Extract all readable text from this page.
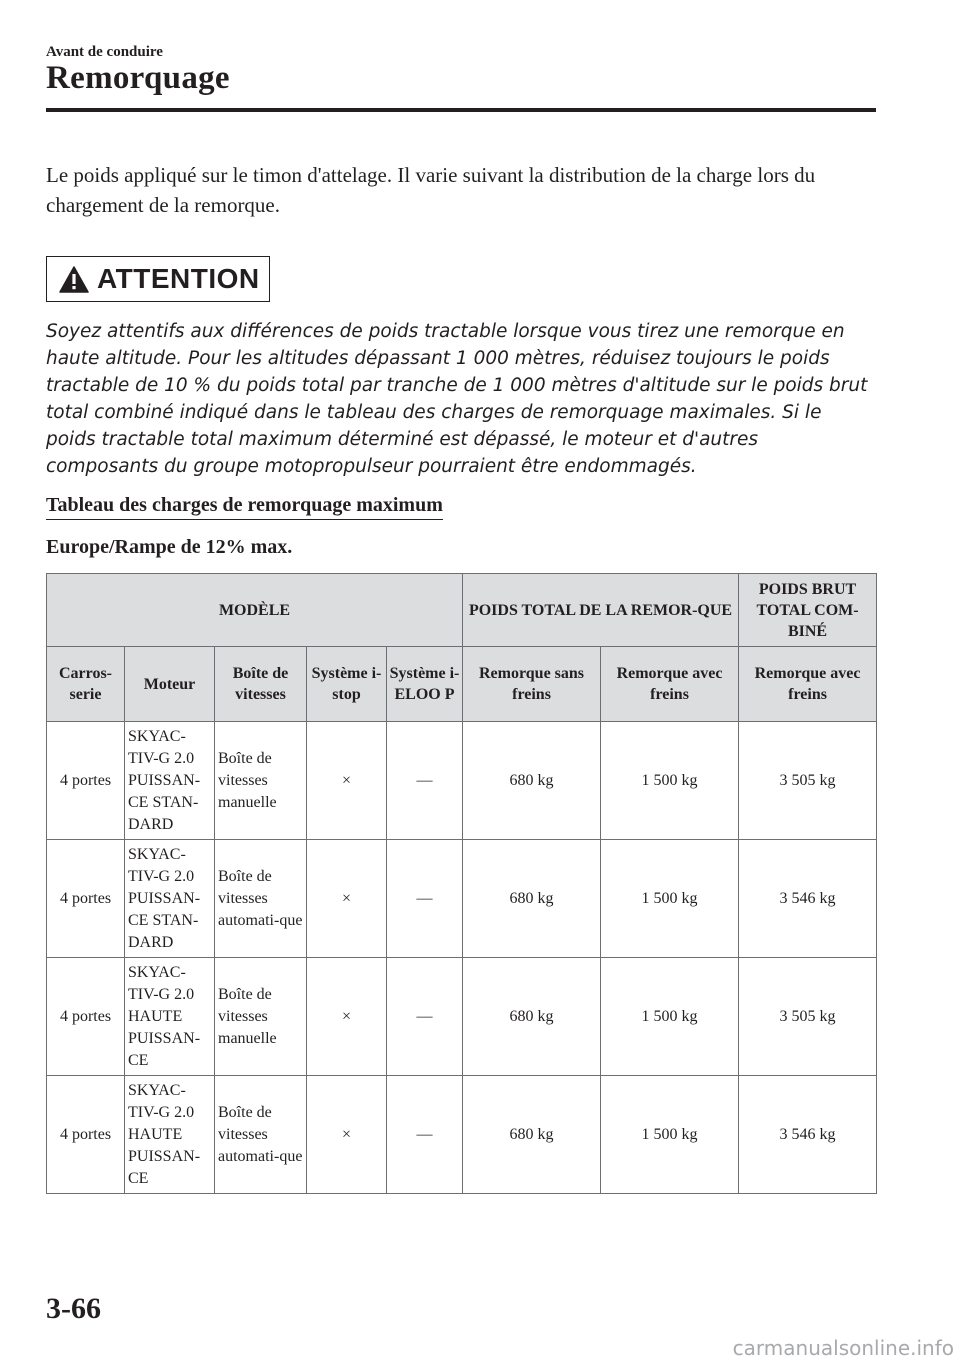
Avant de conduire
Remorquage
Le poids appliqué sur le timon d'attelage. Il varie suivant la distribution de la charge lors du chargement de la remorque.
ATTENTION
Soyez attentifs aux différences de poids tractable lorsque vous tirez une remorque en haute altitude. Pour les altitudes dépassant 1 000 mètres, réduisez toujours le poids tractable de 10 % du poids total par tranche de 1 000 mètres d'altitude sur le poids brut total combiné indiqué dans le tableau des charges de remorquage maximales. Si le poids tractable total maximum déterminé est dépassé, le moteur et d'autres composants du groupe motopropulseur pourraient être endommagés.
Tableau des charges de remorquage maximum
Europe/Rampe de 12% max.
MODÈLE					POIDS TOTAL DE LA REMOR-QUE		POIDS BRUT TOTAL COM-BINÉ
Carros-serie	Moteur	Boîte de vitesses	Système i-stop	Système i-ELOO P	Remorque sans freins	Remorque avec freins	Remorque avec freins
4 portes	SKYAC-TIV-G 2.0 PUISSAN-CE STAN-DARD	Boîte de vitesses manuelle	×	—	680 kg	1 500 kg	3 505 kg
4 portes	SKYAC-TIV-G 2.0 PUISSAN-CE STAN-DARD	Boîte de vitesses automati-que	×	—	680 kg	1 500 kg	3 546 kg
4 portes	SKYAC-TIV-G 2.0 HAUTE PUISSAN-CE	Boîte de vitesses manuelle	×	—	680 kg	1 500 kg	3 505 kg
4 portes	SKYAC-TIV-G 2.0 HAUTE PUISSAN-CE	Boîte de vitesses automati-que	×	—	680 kg	1 500 kg	3 546 kg
3-66
carmanualsonline.info
